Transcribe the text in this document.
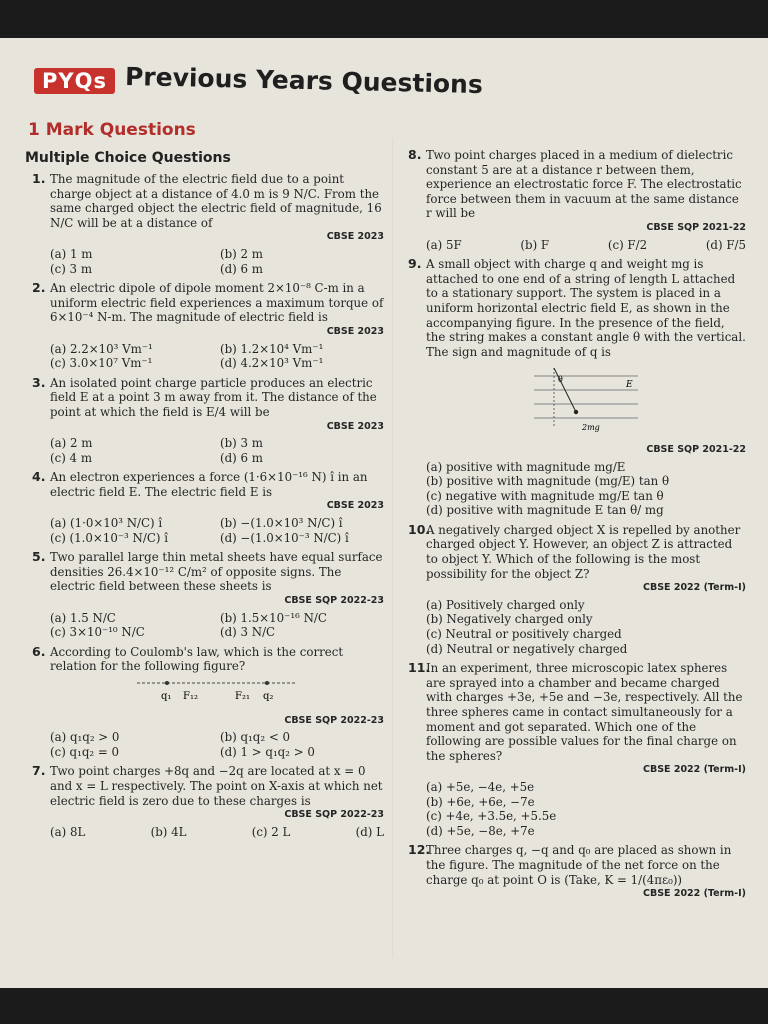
PYQs Previous Years Questions
1 Mark Questions
Multiple Choice Questions
1. The magnitude of the electric field due to a point charge object at a distance of 4.0 m is 9 N/C. From the same charged object the electric field of magnitude, 16 N/C will be at a distance of
CBSE 2023
(a) 1 m	(b) 2 m
(c) 3 m	(d) 6 m
2. An electric dipole of dipole moment 2×10⁻⁸ C-m in a uniform electric field experiences a maximum torque of 6×10⁻⁴ N-m. The magnitude of electric field is
CBSE 2023
(a) 2.2×10³ Vm⁻¹	(b) 1.2×10⁴ Vm⁻¹
(c) 3.0×10⁷ Vm⁻¹	(d) 4.2×10³ Vm⁻¹
3. An isolated point charge particle produces an electric field E at a point 3 m away from it. The distance of the point at which the field is E/4 will be
CBSE 2023
(a) 2 m	(b) 3 m
(c) 4 m	(d) 6 m
4. An electron experiences a force (1·6×10⁻¹⁶ N) î in an electric field E. The electric field E is
CBSE 2023
(a) (1·0×10³ N/C) î	(b) −(1.0×10³ N/C) î
(c) (1.0×10⁻³ N/C) î	(d) −(1.0×10⁻³ N/C) î
5. Two parallel large thin metal sheets have equal surface densities 26.4×10⁻¹² C/m² of opposite signs. The electric field between these sheets is
CBSE SQP 2022-23
(a) 1.5 N/C	(b) 1.5×10⁻¹⁶ N/C
(c) 3×10⁻¹⁰ N/C	(d) 3 N/C
6. According to Coulomb's law, which is the correct relation for the following figure?
q₁ F₁₂	F₂₁ q₂
CBSE SQP 2022-23
(a) q₁q₂ > 0	(b) q₁q₂ < 0
(c) q₁q₂ = 0	(d) 1 > q₁q₂ > 0
7. Two point charges +8q and −2q are located at x = 0 and x = L respectively. The point on X-axis at which net electric field is zero due to these charges is
CBSE SQP 2022-23
(a) 8L	(b) 4L	(c) 2 L	(d) L
8. Two point charges placed in a medium of dielectric constant 5 are at a distance r between them, experience an electrostatic force F. The electrostatic force between them in vacuum at the same distance r will be
CBSE SQP 2021-22
(a) 5F	(b) F	(c) F/2	(d) F/5
9. A small object with charge q and weight mg is attached to one end of a string of length L attached to a stationary support. The system is placed in a uniform horizontal electric field E, as shown in the accompanying figure. In the presence of the field, the string makes a constant angle θ with the vertical. The sign and magnitude of q is
θ
E
2mg
CBSE SQP 2021-22
(a) positive with magnitude mg/E
(b) positive with magnitude (mg/E) tan θ
(c) negative with magnitude mg/E tan θ
(d) positive with magnitude E tan θ/ mg
10.
A negatively charged object X is repelled by another charged object Y. However, an object Z is attracted to object Y. Which of the following is the most possibility for the object Z?
CBSE 2022 (Term-I)
(a) Positively charged only
(b) Negatively charged only
(c) Neutral or positively charged
(d) Neutral or negatively charged
11.
In an experiment, three microscopic latex spheres are sprayed into a chamber and became charged with charges +3e, +5e and −3e, respectively. All the three spheres came in contact simultaneously for a moment and got separated. Which one of the following are possible values for the final charge on the spheres?
CBSE 2022 (Term-I)
(a) +5e, −4e, +5e
(b) +6e, +6e, −7e
(c) +4e, +3.5e, +5.5e
(d) +5e, −8e, +7e
12.
Three charges q, −q and q₀ are placed as shown in the figure. The magnitude of the net force on the charge q₀ at point O is (Take, K = 1/(4πε₀))
CBSE 2022 (Term-I)
